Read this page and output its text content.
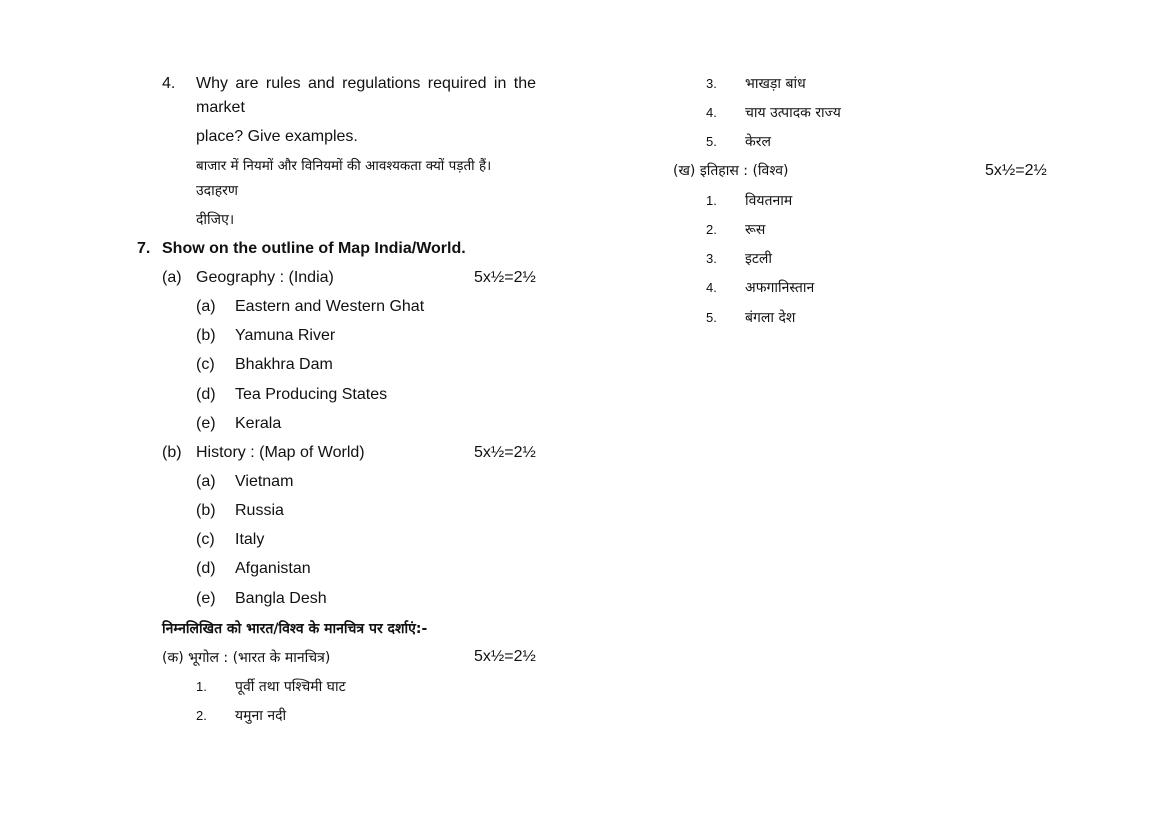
4. Why are rules and regulations required in the
market
place? Give examples.
बाजार में नियमों और विनियमों की आवश्यकता क्यों पड़ती हैं।
उदाहरण
दीजिए।
7. Show on the outline of Map India/World.
(a) Geography : (India)	5x½=2½
(a) Eastern and Western Ghat
(b) Yamuna River
(c) Bhakhra Dam
(d) Tea Producing States
(e) Kerala
(b) History : (Map of World)	5x½=2½
(a) Vietnam
(b) Russia
(c) Italy
(d) Afganistan
(e) Bangla Desh
निम्नलिखित को भारत/विश्व के मानचित्र पर दर्शाएं:-
(क) भूगोल : (भारत के मानचित्र)	5x½=2½
1. पूर्वी तथा पश्चिमी घाट
2. यमुना नदी
3. भाखड़ा बांध
4. चाय उत्पादक राज्य
5. केरल
(ख) इतिहास : (विश्व)	5x½=2½
1. वियतनाम
2. रूस
3. इटली
4. अफगानिस्तान
5. बंगला देश
